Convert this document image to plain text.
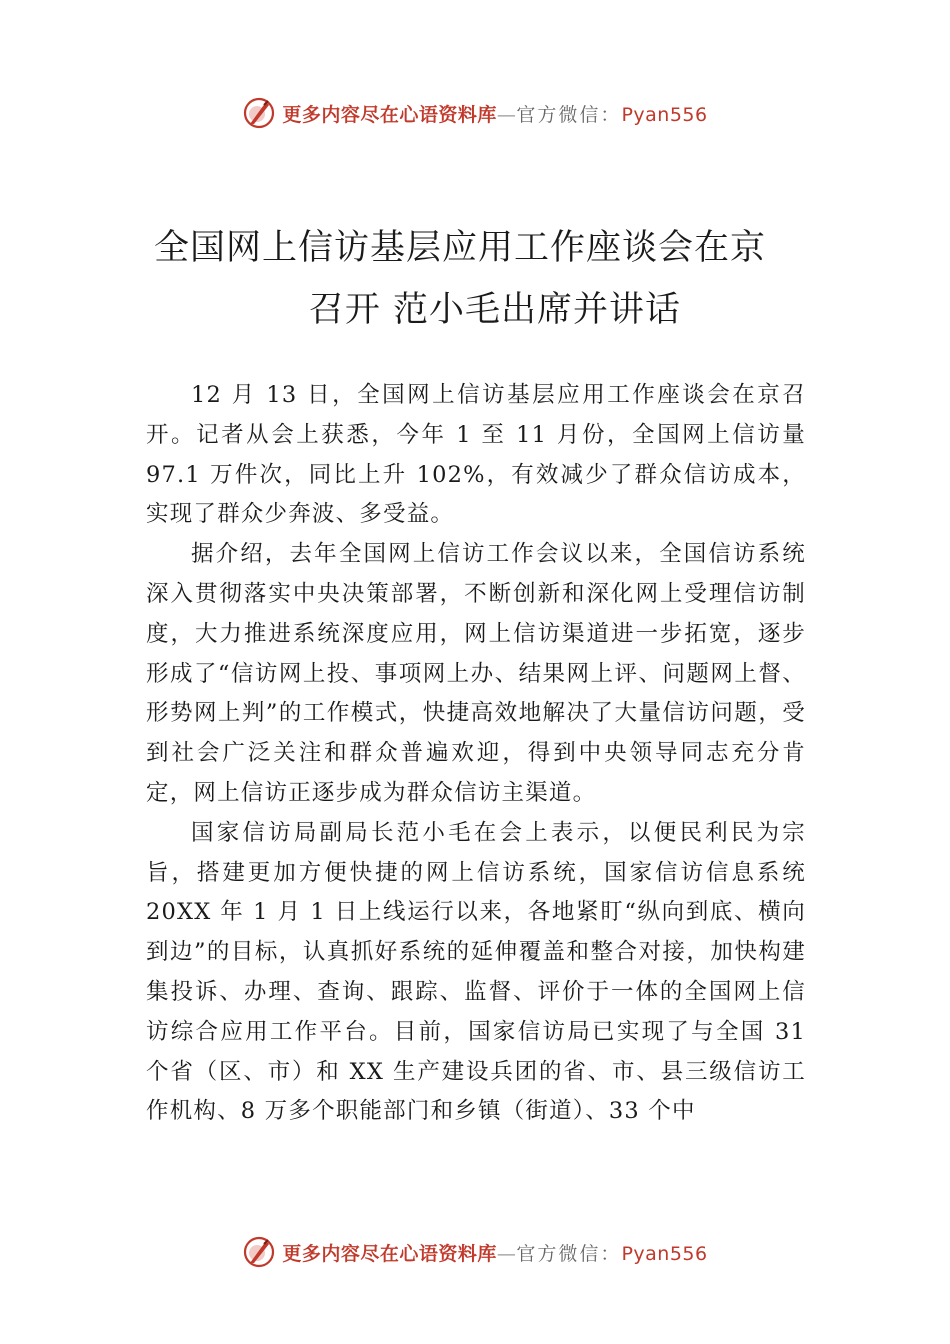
更多内容尽在心语资料库—官方微信：Pyan556
全国网上信访基层应用工作座谈会在京
召开 范小毛出席并讲话

12 月 13 日，全国网上信访基层应用工作座谈会在京召开。记者从会上获悉，今年 1 至 11 月份，全国网上信访量 97.1 万件次，同比上升 102%，有效减少了群众信访成本，实现了群众少奔波、多受益。

据介绍，去年全国网上信访工作会议以来，全国信访系统深入贯彻落实中央决策部署，不断创新和深化网上受理信访制度，大力推进系统深度应用，网上信访渠道进一步拓宽，逐步形成了“信访网上投、事项网上办、结果网上评、问题网上督、形势网上判”的工作模式，快捷高效地解决了大量信访问题，受到社会广泛关注和群众普遍欢迎，得到中央领导同志充分肯定，网上信访正逐步成为群众信访主渠道。

国家信访局副局长范小毛在会上表示，以便民利民为宗旨，搭建更加方便快捷的网上信访系统，国家信访信息系统 20XX 年 1 月 1 日上线运行以来，各地紧盯“纵向到底、横向到边”的目标，认真抓好系统的延伸覆盖和整合对接，加快构建集投诉、办理、查询、跟踪、监督、评价于一体的全国网上信访综合应用工作平台。目前，国家信访局已实现了与全国 31 个省（区、市）和 XX 生产建设兵团的省、市、县三级信访工作机构、8 万多个职能部门和乡镇（街道）、33 个中

更多内容尽在心语资料库—官方微信：Pyan556
